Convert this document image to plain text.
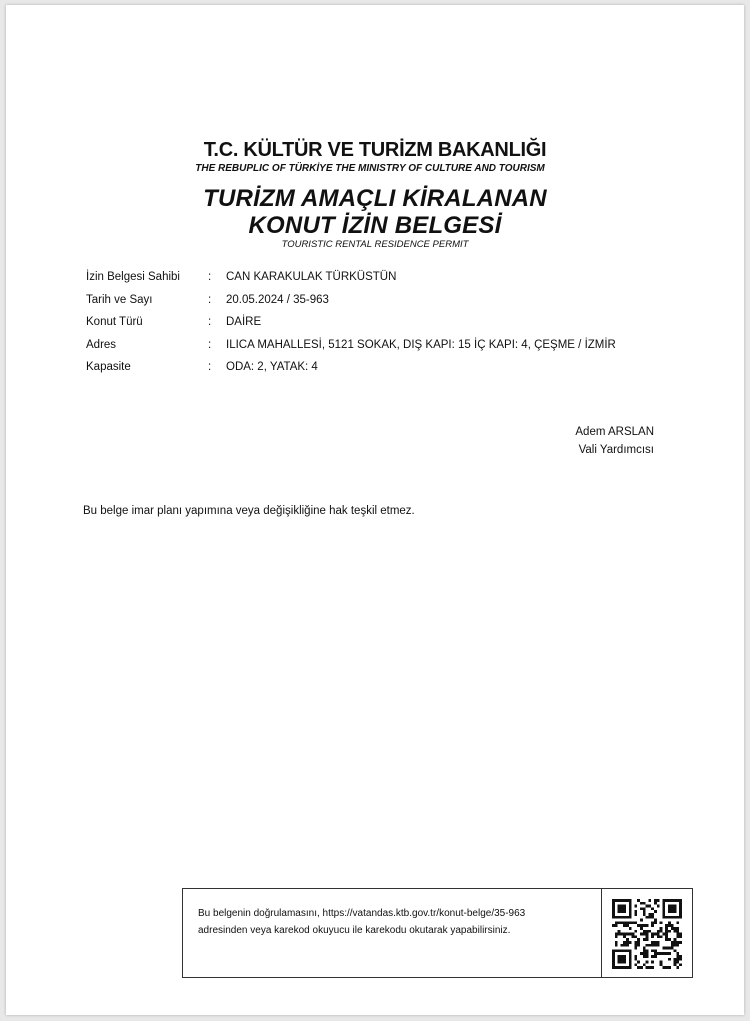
T.C. KÜLTÜR VE TURİZM BAKANLIĞI
THE REBUPLIC OF TÜRKİYE THE MINISTRY OF CULTURE AND TOURISM
TURİZM AMAÇLI KİRALANAN
KONUT İZİN BELGESİ
TOURISTIC RENTAL RESIDENCE PERMIT
İzin Belgesi Sahibi : CAN KARAKULAK TÜRKÜSTÜN
Tarih ve Sayı	: 20.05.2024 / 35-963
Konut Türü	: DAİRE
Adres	: ILICA MAHALLESİ, 5121 SOKAK, DIŞ KAPI: 15 İÇ KAPI: 4, ÇEŞME / İZMİR
Kapasite	: ODA: 2, YATAK: 4
Adem ARSLAN
Vali Yardımcısı
Bu belge imar planı yapımına veya değişikliğine hak teşkil etmez.
Bu belgenin doğrulamasını, https://vatandas.ktb.gov.tr/konut-belge/35-963
adresinden veya karekod okuyucu ile karekodu okutarak yapabilirsiniz.
